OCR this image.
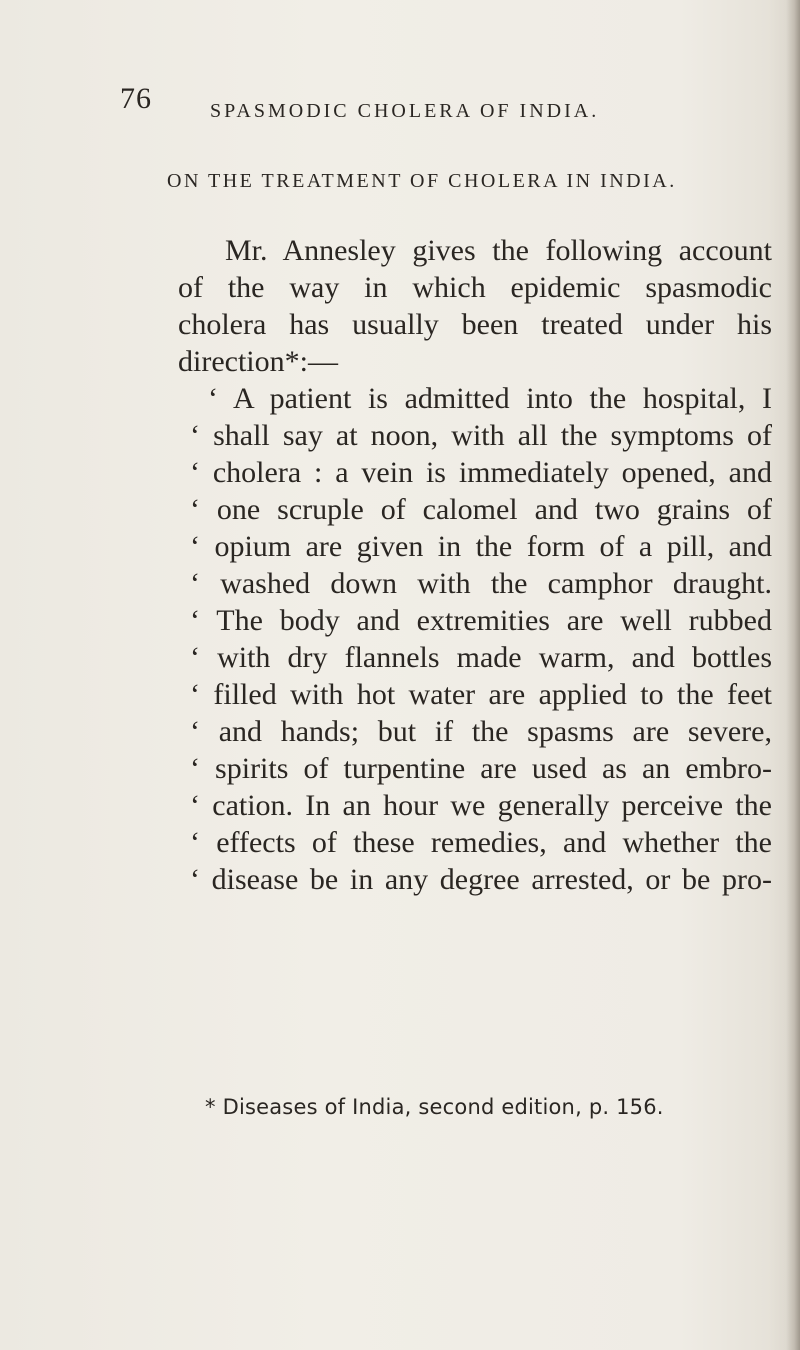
76	SPASMODIC CHOLERA OF INDIA.
ON THE TREATMENT OF CHOLERA IN INDIA.
Mr. Annesley gives the following account
of the way in which epidemic spasmodic
cholera has usually been treated under his
direction*:—
‘ A patient is admitted into the hospital, I
‘ shall say at noon, with all the symptoms of
‘ cholera : a vein is immediately opened, and
‘ one scruple of calomel and two grains of
‘ opium are given in the form of a pill, and
‘ washed down with the camphor draught.
‘ The body and extremities are well rubbed
‘ with dry flannels made warm, and bottles
‘ filled with hot water are applied to the feet
‘ and hands; but if the spasms are severe,
‘ spirits of turpentine are used as an embro-
‘ cation. In an hour we generally perceive the
‘ effects of these remedies, and whether the
‘ disease be in any degree arrested, or be pro-
* Diseases of India, second edition, p. 156.
